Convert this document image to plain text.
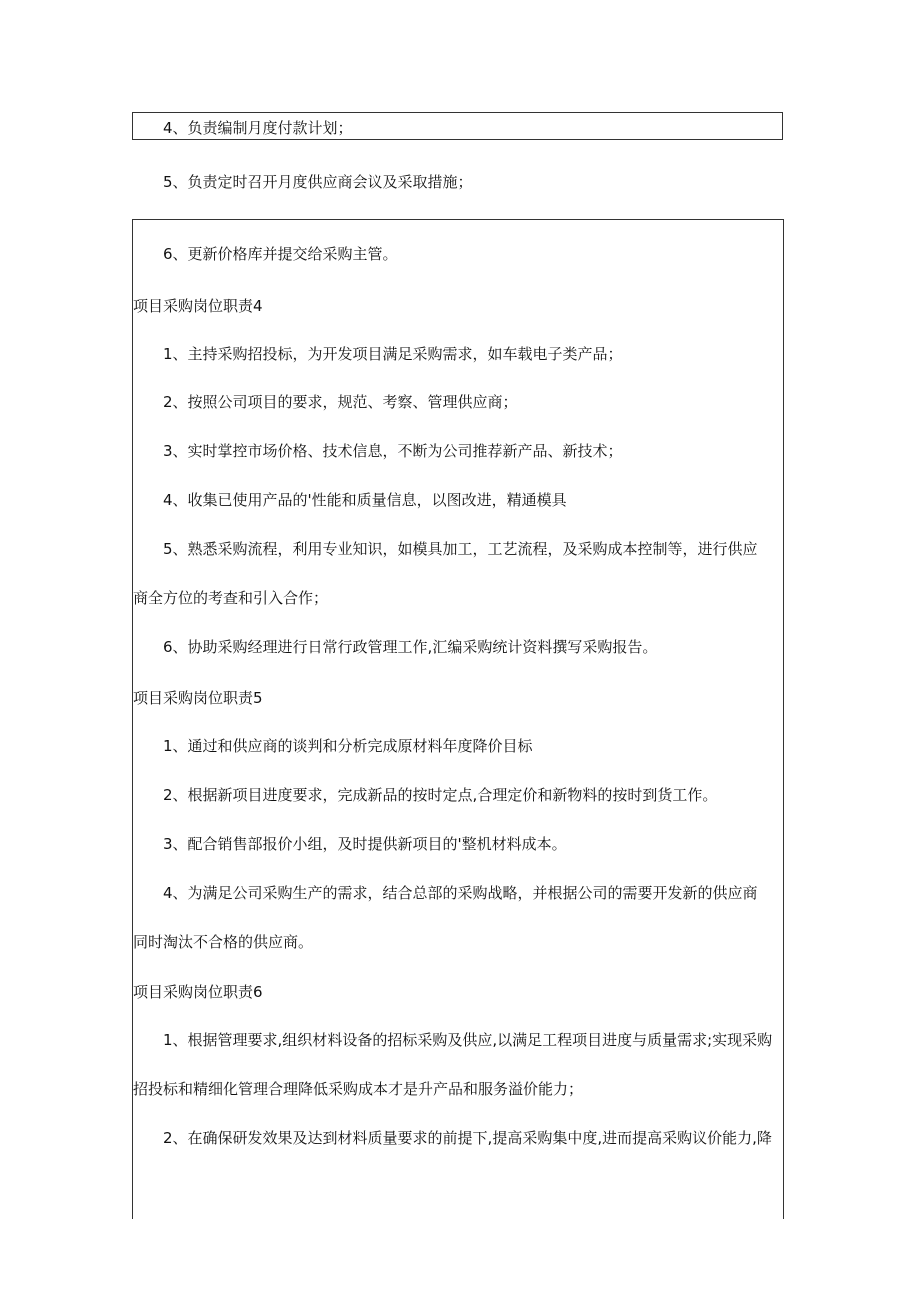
4、负责编制月度付款计划；
5、负责定时召开月度供应商会议及采取措施；
6、更新价格库并提交给采购主管。
项目采购岗位职责4
1、主持采购招投标，为开发项目满足采购需求，如车载电子类产品；
2、按照公司项目的要求，规范、考察、管理供应商；
3、实时掌控市场价格、技术信息，不断为公司推荐新产品、新技术；
4、收集已使用产品的'性能和质量信息，以图改进，精通模具
5、熟悉采购流程，利用专业知识，如模具加工，工艺流程，及采购成本控制等，进行供应
商全方位的考查和引入合作；
6、协助采购经理进行日常行政管理工作,汇编采购统计资料撰写采购报告。
项目采购岗位职责5
1、通过和供应商的谈判和分析完成原材料年度降价目标
2、根据新项目进度要求，完成新品的按时定点,合理定价和新物料的按时到货工作。
3、配合销售部报价小组，及时提供新项目的'整机材料成本。
4、为满足公司采购生产的需求，结合总部的采购战略，并根据公司的需要开发新的供应商
同时淘汰不合格的供应商。
项目采购岗位职责6
1、根据管理要求,组织材料设备的招标采购及供应,以满足工程项目进度与质量需求;实现采购
招投标和精细化管理合理降低采购成本才是升产品和服务溢价能力；
2、在确保研发效果及达到材料质量要求的前提下,提高采购集中度,进而提高采购议价能力,降
